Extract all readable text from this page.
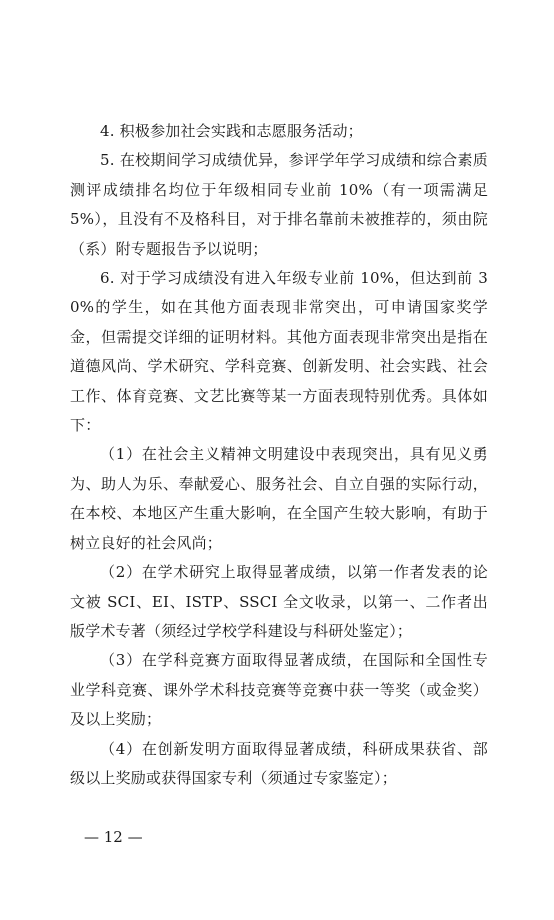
4. 积极参加社会实践和志愿服务活动；

5. 在校期间学习成绩优异，参评学年学习成绩和综合素质测评成绩排名均位于年级相同专业前 10%（有一项需满足 5%），且没有不及格科目，对于排名靠前未被推荐的，须由院（系）附专题报告予以说明；

6. 对于学习成绩没有进入年级专业前 10%，但达到前 30%的学生，如在其他方面表现非常突出，可申请国家奖学金，但需提交详细的证明材料。其他方面表现非常突出是指在道德风尚、学术研究、学科竞赛、创新发明、社会实践、社会工作、体育竞赛、文艺比赛等某一方面表现特别优秀。具体如下：

（1）在社会主义精神文明建设中表现突出，具有见义勇为、助人为乐、奉献爱心、服务社会、自立自强的实际行动，在本校、本地区产生重大影响，在全国产生较大影响，有助于树立良好的社会风尚；

（2）在学术研究上取得显著成绩，以第一作者发表的论文被 SCI、EI、ISTP、SSCI 全文收录，以第一、二作者出版学术专著（须经过学校学科建设与科研处鉴定）；

（3）在学科竞赛方面取得显著成绩，在国际和全国性专业学科竞赛、课外学术科技竞赛等竞赛中获一等奖（或金奖）及以上奖励；

（4）在创新发明方面取得显著成绩，科研成果获省、部级以上奖励或获得国家专利（须通过专家鉴定）；

— 12 —
